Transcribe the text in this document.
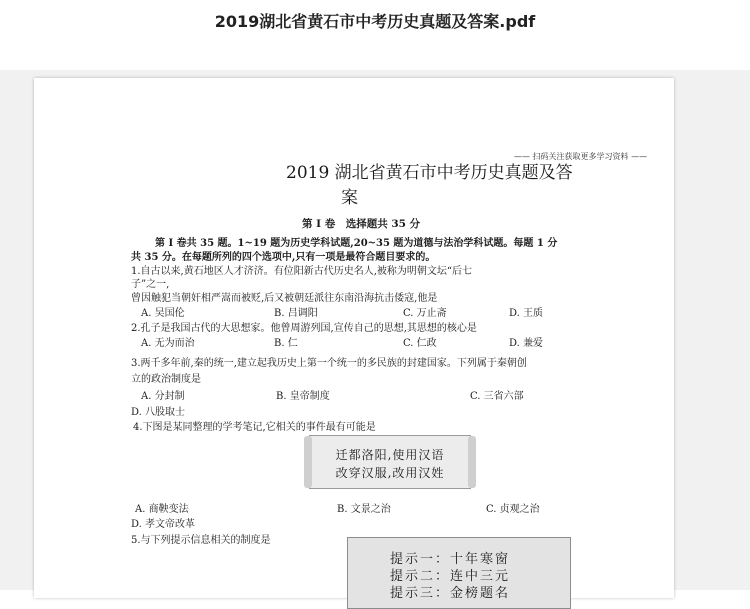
2019湖北省黄石市中考历史真题及答案.pdf
—— 扫码关注获取更多学习资料 ——
2019 湖北省黄石市中考历史真题及答
案
第 I 卷　选择题共 35 分
第 I 卷共 35 题。1~19 题为历史学科试题,20~35 题为道德与法治学科试题。每题 1 分
共 35 分。在每题所列的四个选项中,只有一项是最符合题目要求的。
1.自古以来,黄石地区人才济济。有位阳新古代历史名人,被称为明朝文坛“后七
子”之一,
曾因触犯当朝奸相严嵩而被贬,后又被朝廷派往东南沿海抗击倭寇,他是
A. 吴国伦	B. 吕调阳	C. 万止斋	D. 王质
2.孔子是我国古代的大思想家。他曾周游列国,宣传自己的思想,其思想的核心是
A. 无为而治	B. 仁	C. 仁政	D. 兼爱
3.两千多年前,秦的统一,建立起我历史上第一个统一的多民族的封建国家。下列属于秦朝创
立的政治制度是
A. 分封制	B. 皇帝制度	C. 三省六部
D. 八股取士
4.下图是某同整理的学考笔记,它相关的事件最有可能是
迁都洛阳,使用汉语
改穿汉服,改用汉姓
A. 商鞅变法	B. 文景之治	C. 贞观之治
D. 孝文帝改革
5.与下列提示信息相关的制度是
提示一：十年寒窗
提示二：连中三元
提示三：金榜题名
